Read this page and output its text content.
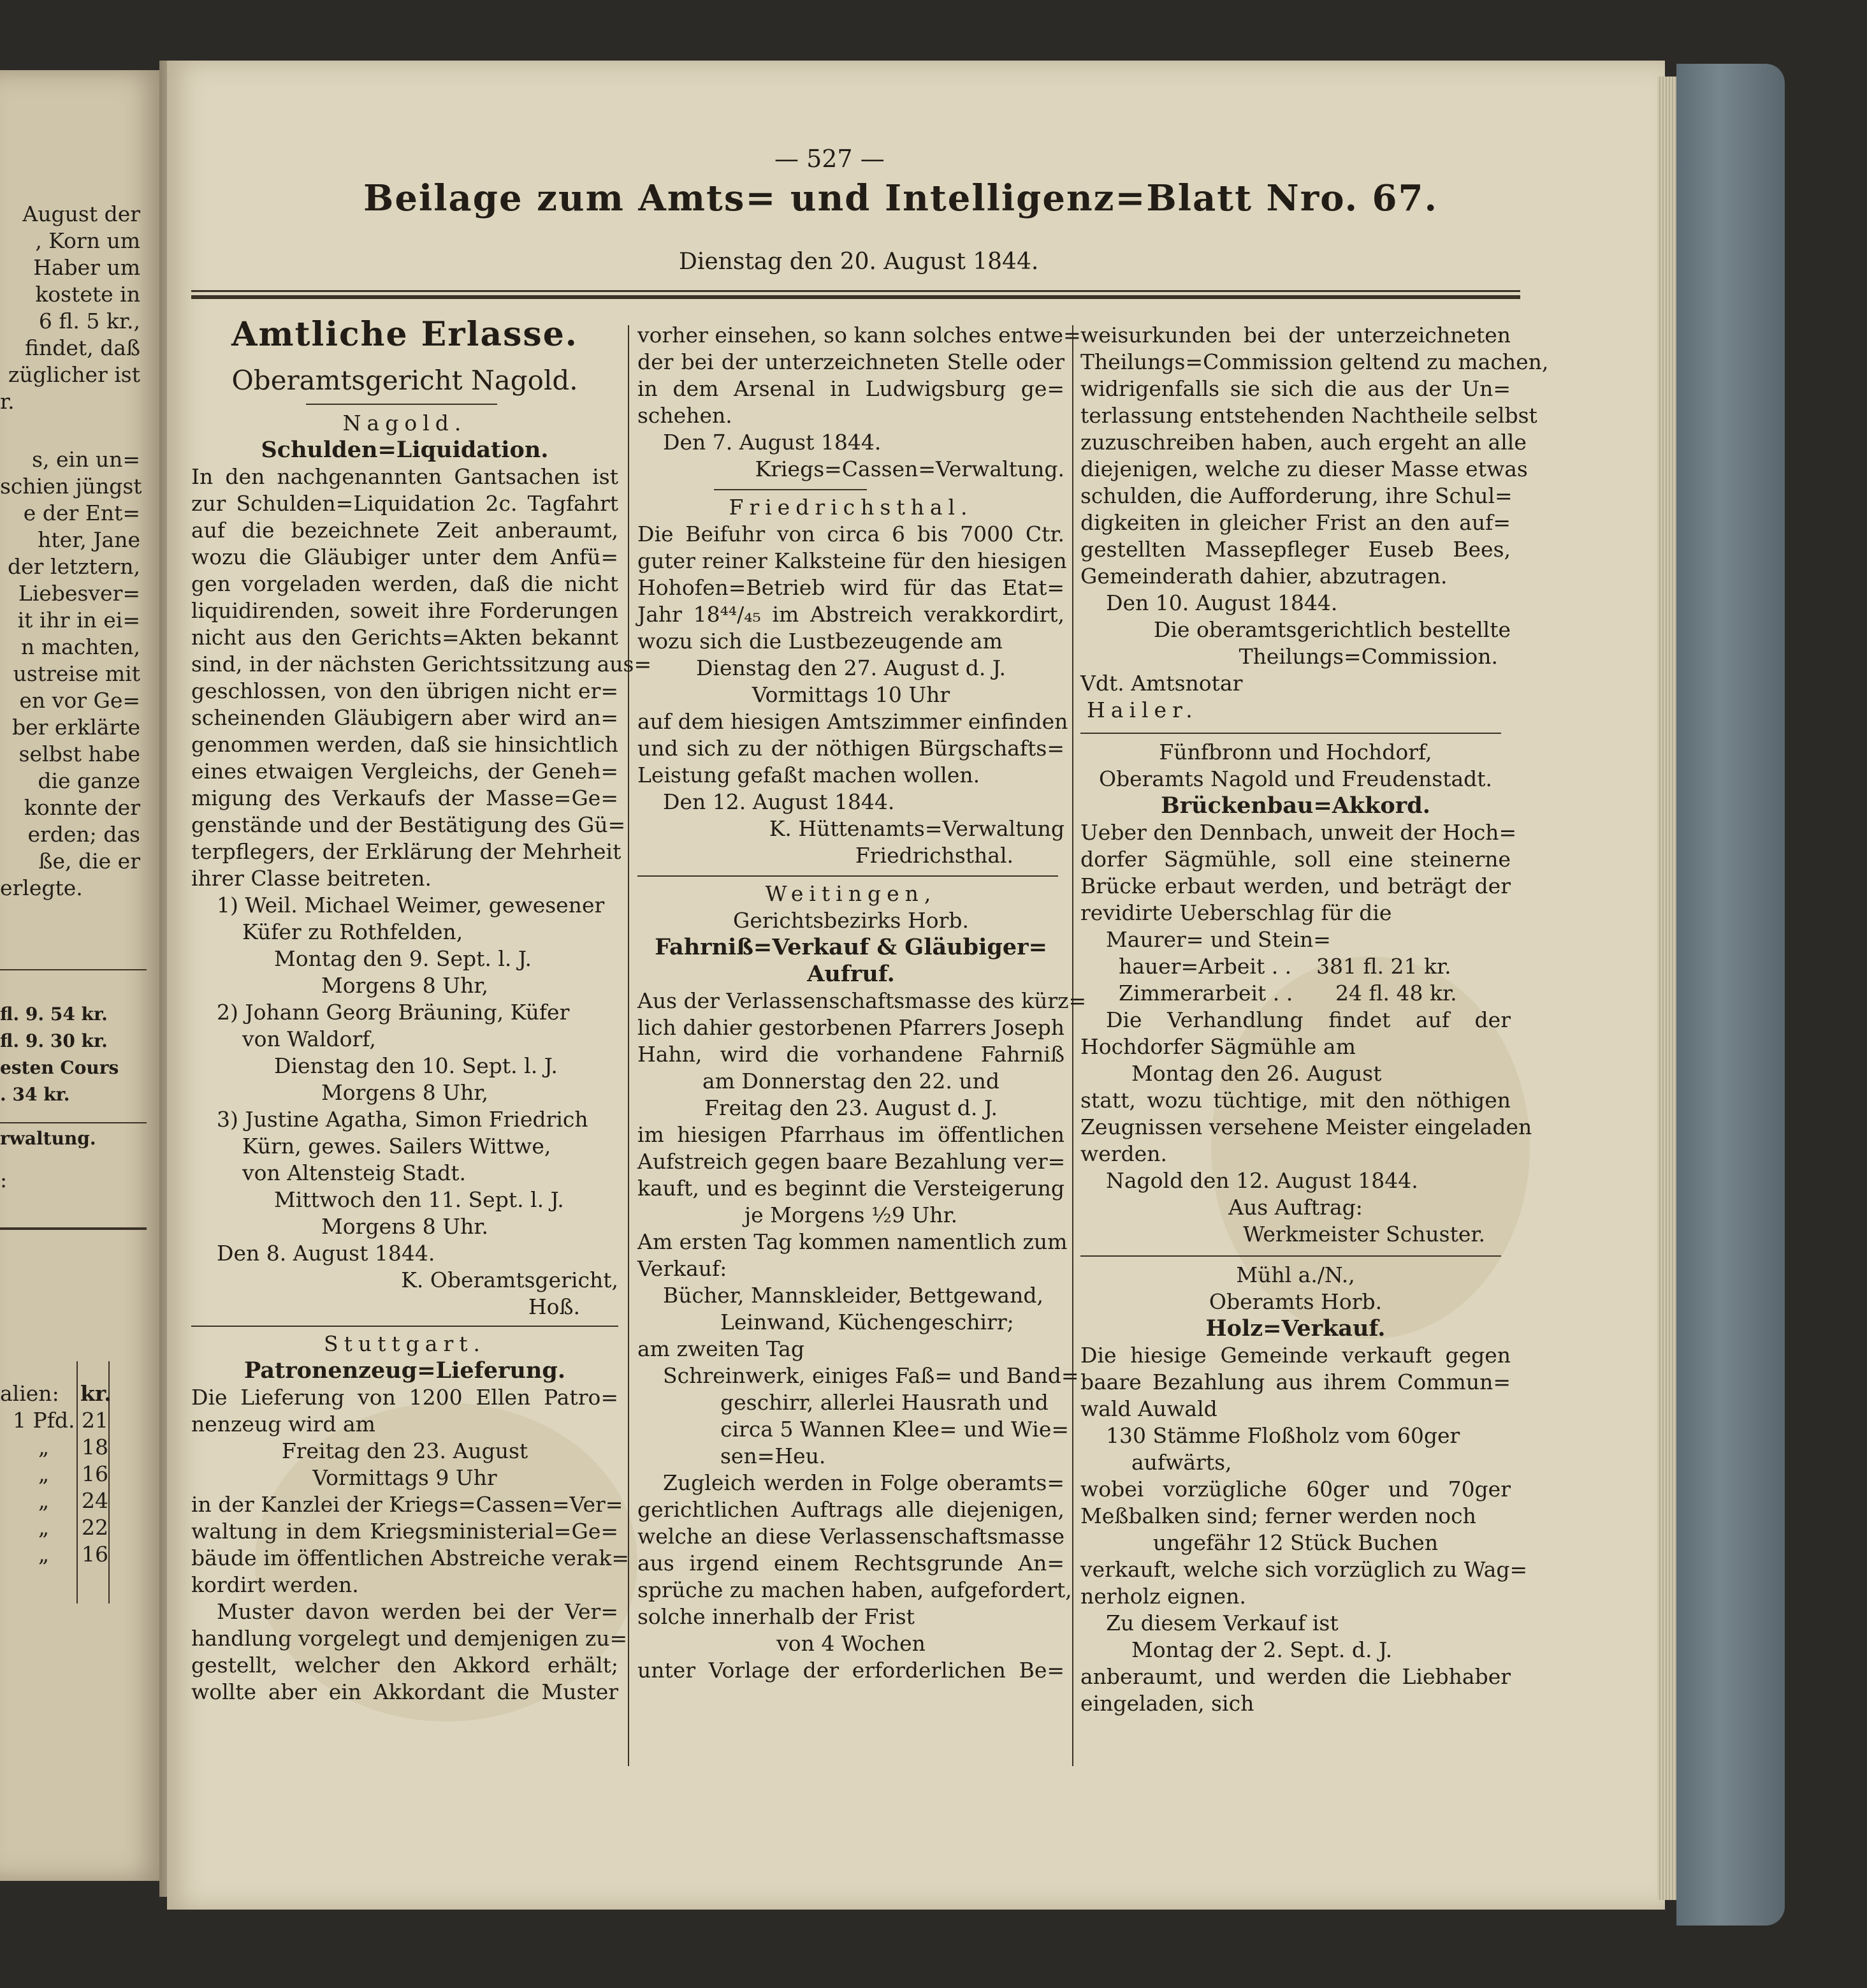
August der
, Korn um
Haber um
kostete in
6 fl. 5 kr.,
findet, daß
züglicher ist
r.
s, ein un=
schien jüngst
e der Ent=
hter, Jane
der letztern,
Liebesver=
it ihr in ei=
n machten,
ustreise mit
en vor Ge=
ber erklärte
selbst habe
die ganze
konnte der
erden; das
ße, die er
erlegte.
fl. 9. 54 kr.
fl. 9. 30 kr.
esten Cours
. 34 kr.
rwaltung.
:
alien: kr.
1 Pfd. 21
„ 18
„ 16
„ 24
„ 22
„ 16
— 527 —
Beilage zum Amts= und Intelligenz=Blatt Nro. 67.
Dienstag den 20. August 1844.
Amtliche Erlasse.
Oberamtsgericht Nagold.
Nagold.
Schulden=Liquidation.
In den nachgenannten Gantsachen ist
zur Schulden=Liquidation 2c. Tagfahrt
auf die bezeichnete Zeit anberaumt,
wozu die Gläubiger unter dem Anfü=
gen vorgeladen werden, daß die nicht
liquidirenden, soweit ihre Forderungen
nicht aus den Gerichts=Akten bekannt
sind, in der nächsten Gerichtssitzung aus=
geschlossen, von den übrigen nicht er=
scheinenden Gläubigern aber wird an=
genommen werden, daß sie hinsichtlich
eines etwaigen Vergleichs, der Geneh=
migung des Verkaufs der Masse=Ge=
genstände und der Bestätigung des Gü=
terpflegers, der Erklärung der Mehrheit
ihrer Classe beitreten.
1) Weil. Michael Weimer, gewesener
Küfer zu Rothfelden,
Montag den 9. Sept. l. J.
Morgens 8 Uhr,
2) Johann Georg Bräuning, Küfer
von Waldorf,
Dienstag den 10. Sept. l. J.
Morgens 8 Uhr,
3) Justine Agatha, Simon Friedrich
Kürn, gewes. Sailers Wittwe,
von Altensteig Stadt.
Mittwoch den 11. Sept. l. J.
Morgens 8 Uhr.
Den 8. August 1844.
K. Oberamtsgericht,
Hoß.
Stuttgart.
Patronenzeug=Lieferung.
Die Lieferung von 1200 Ellen Patro=
nenzeug wird am
Freitag den 23. August
Vormittags 9 Uhr
in der Kanzlei der Kriegs=Cassen=Ver=
waltung in dem Kriegsministerial=Ge=
bäude im öffentlichen Abstreiche verak=
kordirt werden.
Muster davon werden bei der Ver=
handlung vorgelegt und demjenigen zu=
gestellt, welcher den Akkord erhält;
wollte aber ein Akkordant die Muster
vorher einsehen, so kann solches entwe=
der bei der unterzeichneten Stelle oder
in dem Arsenal in Ludwigsburg ge=
schehen.
Den 7. August 1844.
Kriegs=Cassen=Verwaltung.
Friedrichsthal.
Die Beifuhr von circa 6 bis 7000 Ctr.
guter reiner Kalksteine für den hiesigen
Hohofen=Betrieb wird für das Etat=
Jahr 18⁴⁴/₄₅ im Abstreich verakkordirt,
wozu sich die Lustbezeugende am
Dienstag den 27. August d. J.
Vormittags 10 Uhr
auf dem hiesigen Amtszimmer einfinden
und sich zu der nöthigen Bürgschafts=
Leistung gefaßt machen wollen.
Den 12. August 1844.
K. Hüttenamts=Verwaltung
Friedrichsthal.
Weitingen,
Gerichtsbezirks Horb.
Fahrniß=Verkauf & Gläubiger=
Aufruf.
Aus der Verlassenschaftsmasse des kürz=
lich dahier gestorbenen Pfarrers Joseph
Hahn, wird die vorhandene Fahrniß
am Donnerstag den 22. und
Freitag den 23. August d. J.
im hiesigen Pfarrhaus im öffentlichen
Aufstreich gegen baare Bezahlung ver=
kauft, und es beginnt die Versteigerung
je Morgens ½9 Uhr.
Am ersten Tag kommen namentlich zum
Verkauf:
Bücher, Mannskleider, Bettgewand,
Leinwand, Küchengeschirr;
am zweiten Tag
Schreinwerk, einiges Faß= und Band=
geschirr, allerlei Hausrath und
circa 5 Wannen Klee= und Wie=
sen=Heu.
Zugleich werden in Folge oberamts=
gerichtlichen Auftrags alle diejenigen,
welche an diese Verlassenschaftsmasse
aus irgend einem Rechtsgrunde An=
sprüche zu machen haben, aufgefordert,
solche innerhalb der Frist
von 4 Wochen
unter Vorlage der erforderlichen Be=
weisurkunden bei der unterzeichneten
Theilungs=Commission geltend zu machen,
widrigenfalls sie sich die aus der Un=
terlassung entstehenden Nachtheile selbst
zuzuschreiben haben, auch ergeht an alle
diejenigen, welche zu dieser Masse etwas
schulden, die Aufforderung, ihre Schul=
digkeiten in gleicher Frist an den auf=
gestellten Massepfleger Euseb Bees,
Gemeinderath dahier, abzutragen.
Den 10. August 1844.
Die oberamtsgerichtlich bestellte
Theilungs=Commission.
Vdt. Amtsnotar
Hailer.
Fünfbronn und Hochdorf,
Oberamts Nagold und Freudenstadt.
Brückenbau=Akkord.
Ueber den Dennbach, unweit der Hoch=
dorfer Sägmühle, soll eine steinerne
Brücke erbaut werden, und beträgt der
revidirte Ueberschlag für die
Maurer= und Stein=
hauer=Arbeit . . 381 fl. 21 kr.
Zimmerarbeit . . 24 fl. 48 kr.
Die Verhandlung findet auf der
Hochdorfer Sägmühle am
Montag den 26. August
statt, wozu tüchtige, mit den nöthigen
Zeugnissen versehene Meister eingeladen
werden.
Nagold den 12. August 1844.
Aus Auftrag:
Werkmeister Schuster.
Mühl a./N.,
Oberamts Horb.
Holz=Verkauf.
Die hiesige Gemeinde verkauft gegen
baare Bezahlung aus ihrem Commun=
wald Auwald
130 Stämme Floßholz vom 60ger
aufwärts,
wobei vorzügliche 60ger und 70ger
Meßbalken sind; ferner werden noch
ungefähr 12 Stück Buchen
verkauft, welche sich vorzüglich zu Wag=
nerholz eignen.
Zu diesem Verkauf ist
Montag der 2. Sept. d. J.
anberaumt, und werden die Liebhaber
eingeladen, sich
